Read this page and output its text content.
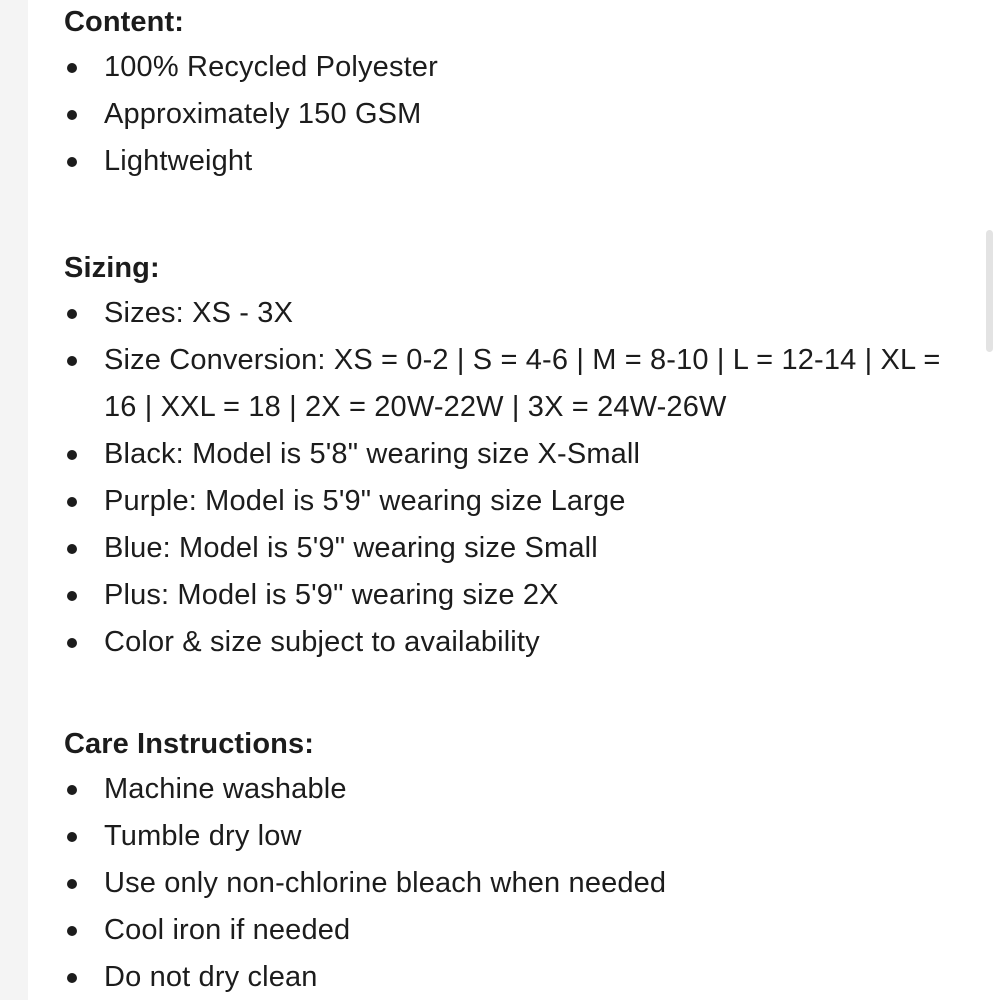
Content:
100% Recycled Polyester
Approximately 150 GSM
Lightweight
Sizing:
Sizes: XS - 3X
Size Conversion: XS = 0-2 | S = 4-6 | M = 8-10 | L = 12-14 | XL = 16 | XXL = 18 | 2X = 20W-22W | 3X = 24W-26W
Black: Model is 5'8" wearing size X-Small
Purple: Model is 5'9" wearing size Large
Blue: Model is 5'9" wearing size Small
Plus: Model is 5'9" wearing size 2X
Color & size subject to availability
Care Instructions:
Machine washable
Tumble dry low
Use only non-chlorine bleach when needed
Cool iron if needed
Do not dry clean
